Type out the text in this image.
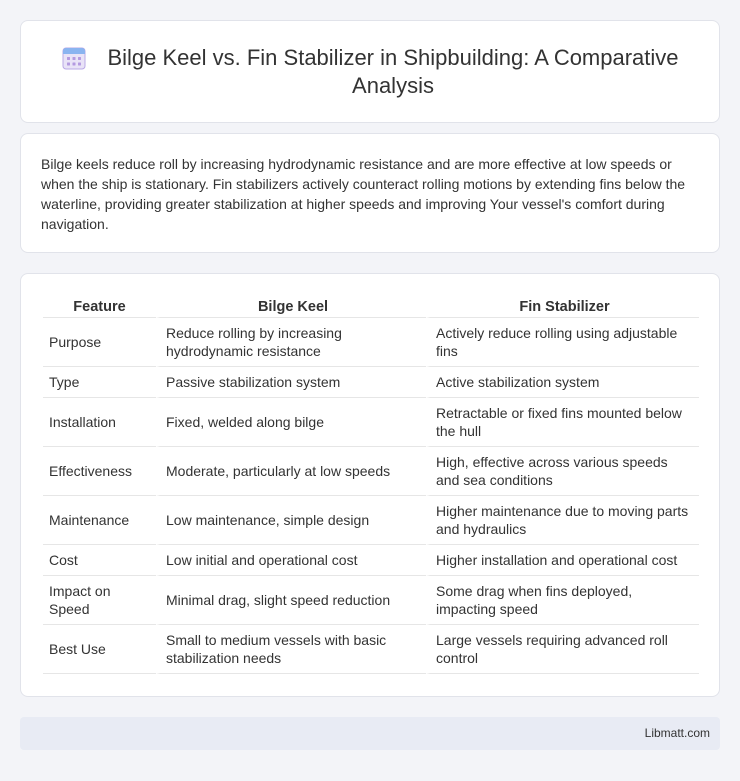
Bilge Keel vs. Fin Stabilizer in Shipbuilding: A Comparative Analysis

Bilge keels reduce roll by increasing hydrodynamic resistance and are more effective at low speeds or when the ship is stationary. Fin stabilizers actively counteract rolling motions by extending fins below the waterline, providing greater stabilization at higher speeds and improving Your vessel's comfort during navigation.

Feature	Bilge Keel	Fin Stabilizer
Purpose	Reduce rolling by increasing hydrodynamic resistance	Actively reduce rolling using adjustable fins
Type	Passive stabilization system	Active stabilization system
Installation	Fixed, welded along bilge	Retractable or fixed fins mounted below the hull
Effectiveness	Moderate, particularly at low speeds	High, effective across various speeds and sea conditions
Maintenance	Low maintenance, simple design	Higher maintenance due to moving parts and hydraulics
Cost	Low initial and operational cost	Higher installation and operational cost
Impact on Speed	Minimal drag, slight speed reduction	Some drag when fins deployed, impacting speed
Best Use	Small to medium vessels with basic stabilization needs	Large vessels requiring advanced roll control
Libmatt.com
